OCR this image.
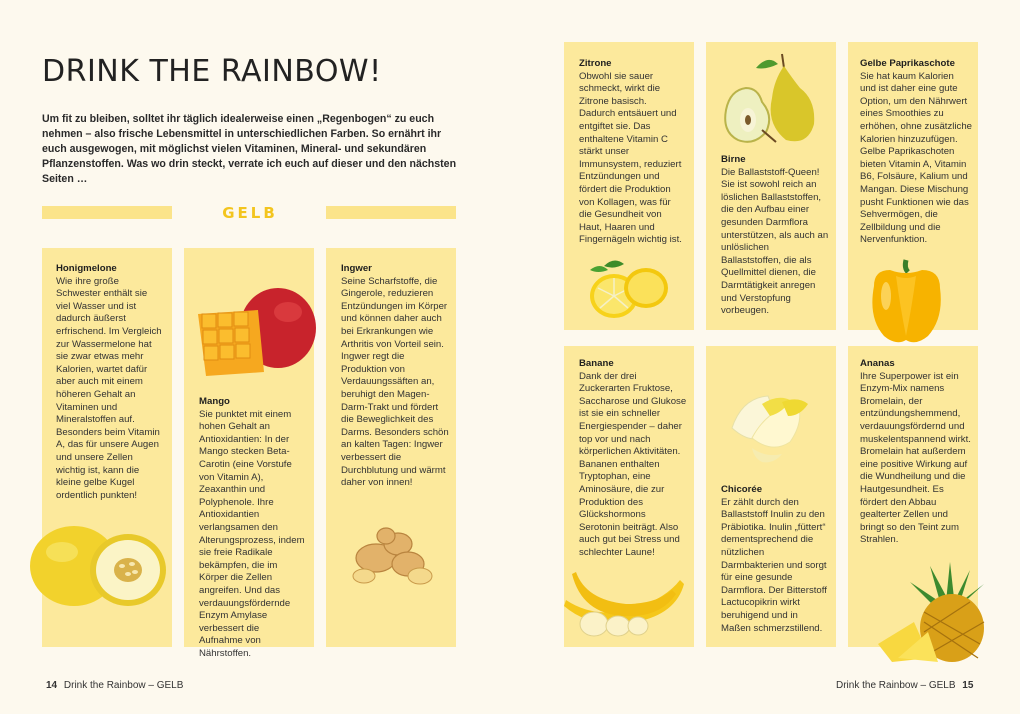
DRINK THE RAINBOW!

Um fit zu bleiben, solltet ihr täglich idealerweise einen „Regenbogen“ zu euch nehmen – also frische Lebensmittel in unterschiedlichen Farben. So ernährt ihr euch ausgewogen, mit möglichst vielen Vitaminen, Mineral- und sekundären Pflanzenstoffen. Was wo drin steckt, verrate ich euch auf dieser und den nächsten Seiten …

GELB
Honigmelone
Wie ihre große Schwester enthält sie viel Wasser und ist dadurch äußerst erfrischend. Im Vergleich zur Wassermelone hat sie zwar etwas mehr Kalorien, wartet dafür aber auch mit einem höheren Gehalt an Vitaminen und Mineralstoffen auf. Besonders beim Vitamin A, das für unsere Augen und unsere Zellen wichtig ist, kann die kleine gelbe Kugel ordentlich punkten!
Mango
Sie punktet mit einem hohen Gehalt an Antioxidantien: In der Mango stecken Beta-Carotin (eine Vorstufe von Vitamin A), Zeaxanthin und Polyphenole. Ihre Antioxidantien verlangsamen den Alterungsprozess, indem sie freie Radikale bekämpfen, die im Körper die Zellen angreifen. Und das verdauungsfördernde Enzym Amylase verbessert die Aufnahme von Nährstoffen.
Ingwer
Seine Scharfstoffe, die Gingerole, reduzieren Entzündungen im Körper und können daher auch bei Erkrankungen wie Arthritis von Vorteil sein. Ingwer regt die Produktion von Verdauungssäften an, beruhigt den Magen-Darm-Trakt und fördert die Beweglichkeit des Darms. Besonders schön an kalten Tagen: Ingwer verbessert die Durchblutung und wärmt daher von innen!
Zitrone
Obwohl sie sauer schmeckt, wirkt die Zitrone basisch. Dadurch entsäuert und entgiftet sie. Das enthaltene Vitamin C stärkt unser Immunsystem, reduziert Entzündungen und fördert die Produktion von Kollagen, was für die Gesundheit von Haut, Haaren und Fingernägeln wichtig ist.
Birne
Die Ballaststoff-Queen! Sie ist sowohl reich an löslichen Ballaststoffen, die den Aufbau einer gesunden Darmflora unterstützen, als auch an unlöslichen Ballaststoffen, die als Quellmittel dienen, die Darmtätigkeit anregen und Verstopfung vorbeugen.
Gelbe Paprikaschote
Sie hat kaum Kalorien und ist daher eine gute Option, um den Nährwert eines Smoothies zu erhöhen, ohne zusätzliche Kalorien hinzuzufügen. Gelbe Paprikaschoten bieten Vitamin A, Vitamin B6, Folsäure, Kalium und Mangan. Diese Mischung pusht Funktionen wie das Sehvermögen, die Zellbildung und die Nervenfunktion.
Banane
Dank der drei Zuckerarten Fruktose, Saccharose und Glukose ist sie ein schneller Energiespender – daher top vor und nach körperlichen Aktivitäten. Bananen enthalten Tryptophan, eine Aminosäure, die zur Produktion des Glückshormons Serotonin beiträgt. Also auch gut bei Stress und schlechter Laune!
Chicorée
Er zählt durch den Ballaststoff Inulin zu den Präbiotika. Inulin „füttert“ dementsprechend die nützlichen Darmbakterien und sorgt für eine gesunde Darmflora. Der Bitterstoff Lactucopikrin wirkt beruhigend und in Maßen schmerzstillend.
Ananas
Ihre Superpower ist ein Enzym-Mix namens Bromelain, der entzündungshemmend, verdauungsfördernd und muskelentspannend wirkt. Bromelain hat außerdem eine positive Wirkung auf die Wundheilung und die Hautgesundheit. Es fördert den Abbau gealterter Zellen und bringt so den Teint zum Strahlen.
14 Drink the Rainbow – GELB	Drink the Rainbow – GELB 15
